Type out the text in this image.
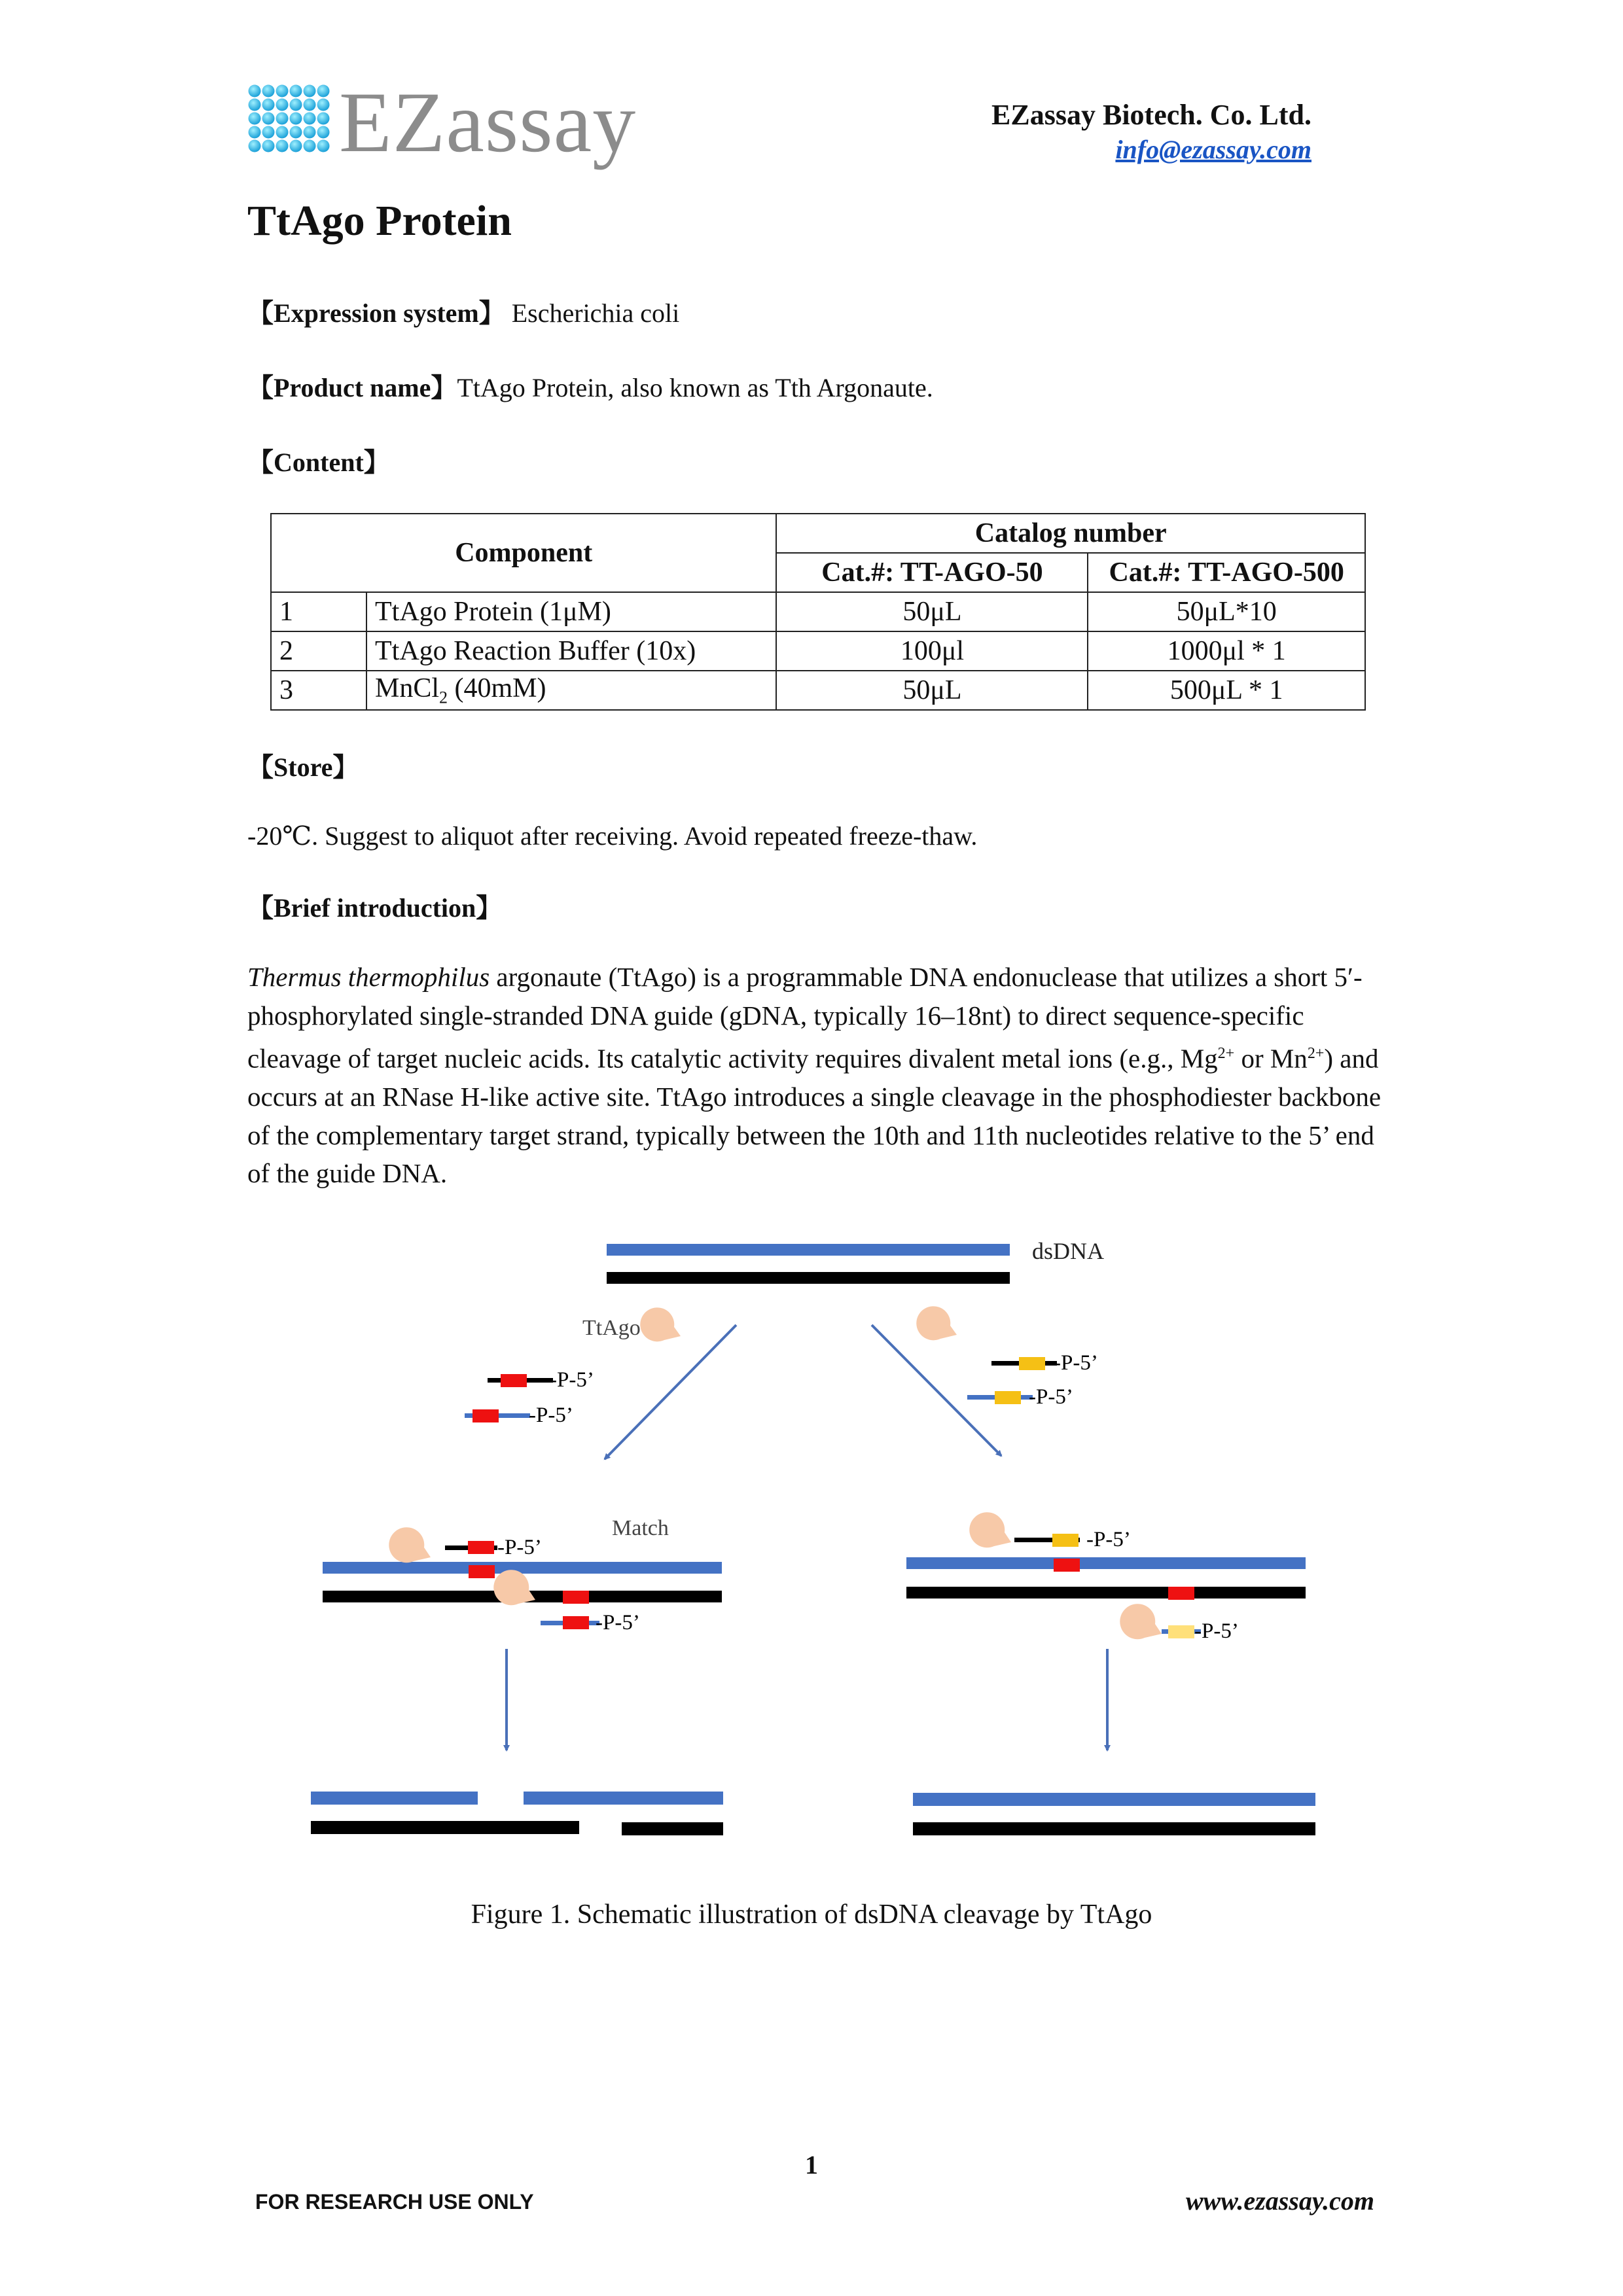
EZassay	EZassay Biotech. Co. Ltd.
info@ezassay.com
TtAgo Protein
【Expression system】 Escherichia coli
【Product name】TtAgo Protein, also known as Tth Argonaute.
【Content】
Component		Catalog number	
		Cat.#: TT-AGO-50	Cat.#: TT-AGO-500
1	TtAgo Protein (1μM)	50μL	50μL*10
2	TtAgo Reaction Buffer (10x)	100μl	1000μl * 1
3	MnCl$_2$ (40mM)	50μL	500μL * 1
【Store】
-20℃. Suggest to aliquot after receiving. Avoid repeated freeze-thaw.
【Brief introduction】
Thermus thermophilus argonaute (TtAgo) is a programmable DNA endonuclease that utilizes a short 5′-phosphorylated single-stranded DNA guide (gDNA, typically 16–18nt) to direct sequence-specific cleavage of target nucleic acids. Its catalytic activity requires divalent metal ions (e.g., $Mg^{2+}$ or $Mn^{2+}$) and occurs at an RNase H-like active site. TtAgo introduces a single cleavage in the phosphodiester backbone of the complementary target strand, typically between the 10th and 11th nucleotides relative to the 5’ end of the guide DNA.
dsDNA
TtAgo
-P-5’
-P-5’
-P-5’
-P-5’
Match
-P-5’
-P-5’
-P-5’
-P-5’
Figure 1. Schematic illustration of dsDNA cleavage by TtAgo
1
FOR RESEARCH USE ONLY	www.ezassay.com
